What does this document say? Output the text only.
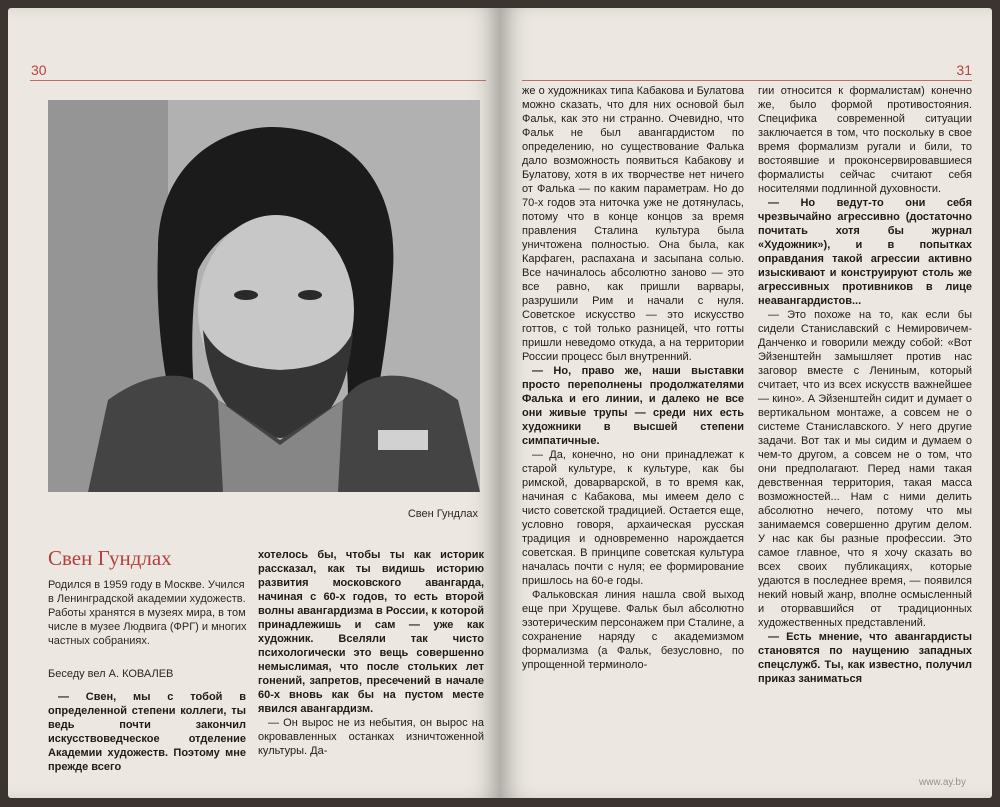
30
Свен Гундлах
Свен Гундлах
Родился в 1959 году в Москве. Учился в Ленинградской академии художеств. Работы хранятся в музеях мира, в том числе в музее Людвига (ФРГ) и многих частных собраниях.
Беседу вел А. КОВАЛЕВ

— Свен, мы с тобой в определенной степени коллеги, ты ведь почти закончил искусствоведческое отделение Академии художеств. Поэтому мне прежде всего

хотелось бы, чтобы ты как историк рассказал, как ты видишь историю развития московского авангарда, начиная с 60-х годов, то есть второй волны авангардизма в России, к которой принадлежишь и сам — уже как художник. Вселяли так чисто психологически это вещь совершенно немыслимая, что после стольких лет гонений, запретов, пресечений в начале 60-х вновь как бы на пустом месте явился авангардизм.

— Он вырос не из небытия, он вырос на окровавленных останках изничтоженной культуры. Да-

31

же о художниках типа Кабакова и Булатова можно сказать, что для них основой был Фальк, как это ни странно. Очевидно, что Фальк не был авангардистом по определению, но существование Фалька дало возможность появиться Кабакову и Булатову, хотя в их творчестве нет ничего от Фалька — по каким параметрам. Но до 70-х годов эта ниточка уже не дотянулась, потому что в конце концов за время правления Сталина культура была уничтожена полностью. Она была, как Карфаген, распахана и засыпана солью. Все начиналось абсолютно заново — это все равно, как пришли варвары, разрушили Рим и начали с нуля. Советское искусство — это искусство готтов, с той только разницей, что готты пришли неведомо откуда, а на территории России процесс был внутренний.

— Но, право же, наши выставки просто переполнены продолжателями Фалька и его линии, и далеко не все они живые трупы — среди них есть художники в высшей степени симпатичные.

— Да, конечно, но они принадлежат к старой культуре, к культуре, как бы римской, доварварской, в то время как, начиная с Кабакова, мы имеем дело с чисто советской традицией. Остается еще, условно говоря, архаическая русская традиция и одновременно нарождается советская. В принципе советская культура началась почти с нуля; ее формирование пришлось на 60-е годы.

Фальковская линия нашла свой выход еще при Хрущеве. Фальк был абсолютно эзотерическим персонажем при Сталине, а сохранение наряду с академизмом формализма (а Фальк, безусловно, по упрощенной терминоло-

гии относится к формалистам) конечно же, было формой противостояния. Специфика современной ситуации заключается в том, что поскольку в свое время формализм ругали и били, то востоявшие и проконсервировавшиеся формалисты сейчас считают себя носителями подлинной духовности.

— Но ведут-то они себя чрезвычайно агрессивно (достаточно почитать хотя бы журнал «Художник»), и в попытках оправдания такой агрессии активно изыскивают и конструируют столь же агрессивных противников в лице неавангардистов...

— Это похоже на то, как если бы сидели Станиславский с Немировичем-Данченко и говорили между собой: «Вот Эйзенштейн замышляет против нас заговор вместе с Лениным, который считает, что из всех искусств важнейшее — кино». А Эйзенштейн сидит и думает о вертикальном монтаже, а совсем не о системе Станиславского. У него другие задачи. Вот так и мы сидим и думаем о чем-то другом, а совсем не о том, что они предполагают. Перед нами такая девственная территория, такая масса возможностей... Нам с ними делить абсолютно нечего, потому что мы занимаемся совершенно другим делом. У нас как бы разные профессии. Это самое главное, что я хочу сказать во всех своих публикациях, которые удаются в последнее время, — появился некий новый жанр, вполне осмысленный и оторвавшийся от традиционных художественных представлений.

— Есть мнение, что авангардисты становятся по наущению западных спецслужб. Ты, как известно, получил приказ заниматься

www.ay.by
